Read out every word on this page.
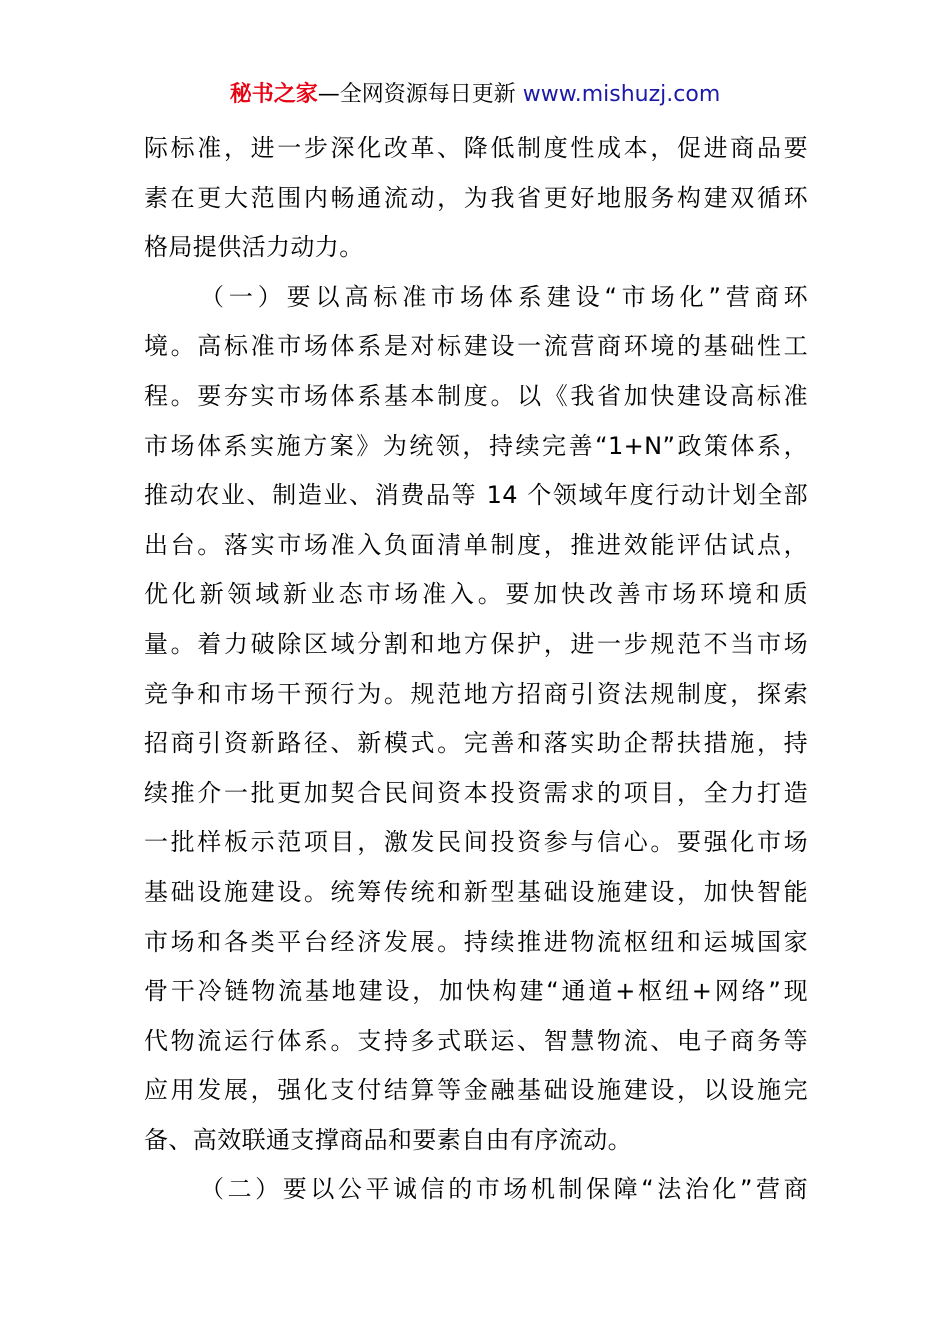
秘书之家—全网资源每日更新 www.mishuzj.com
际标准，进一步深化改革、降低制度性成本，促进商品要
素在更大范围内畅通流动，为我省更好地服务构建双循环
格局提供活力动力。
（一）要以高标准市场体系建设“市场化”营商环
境。高标准市场体系是对标建设一流营商环境的基础性工
程。要夯实市场体系基本制度。以《我省加快建设高标准
市场体系实施方案》为统领，持续完善“1+N”政策体系，
推动农业、制造业、消费品等 14 个领域年度行动计划全部
出台。落实市场准入负面清单制度，推进效能评估试点，
优化新领域新业态市场准入。要加快改善市场环境和质
量。着力破除区域分割和地方保护，进一步规范不当市场
竞争和市场干预行为。规范地方招商引资法规制度，探索
招商引资新路径、新模式。完善和落实助企帮扶措施，持
续推介一批更加契合民间资本投资需求的项目，全力打造
一批样板示范项目，激发民间投资参与信心。要强化市场
基础设施建设。统筹传统和新型基础设施建设，加快智能
市场和各类平台经济发展。持续推进物流枢纽和运城国家
骨干冷链物流基地建设，加快构建“通道+枢纽+网络”现
代物流运行体系。支持多式联运、智慧物流、电子商务等
应用发展，强化支付结算等金融基础设施建设，以设施完
备、高效联通支撑商品和要素自由有序流动。
（二）要以公平诚信的市场机制保障“法治化”营商
